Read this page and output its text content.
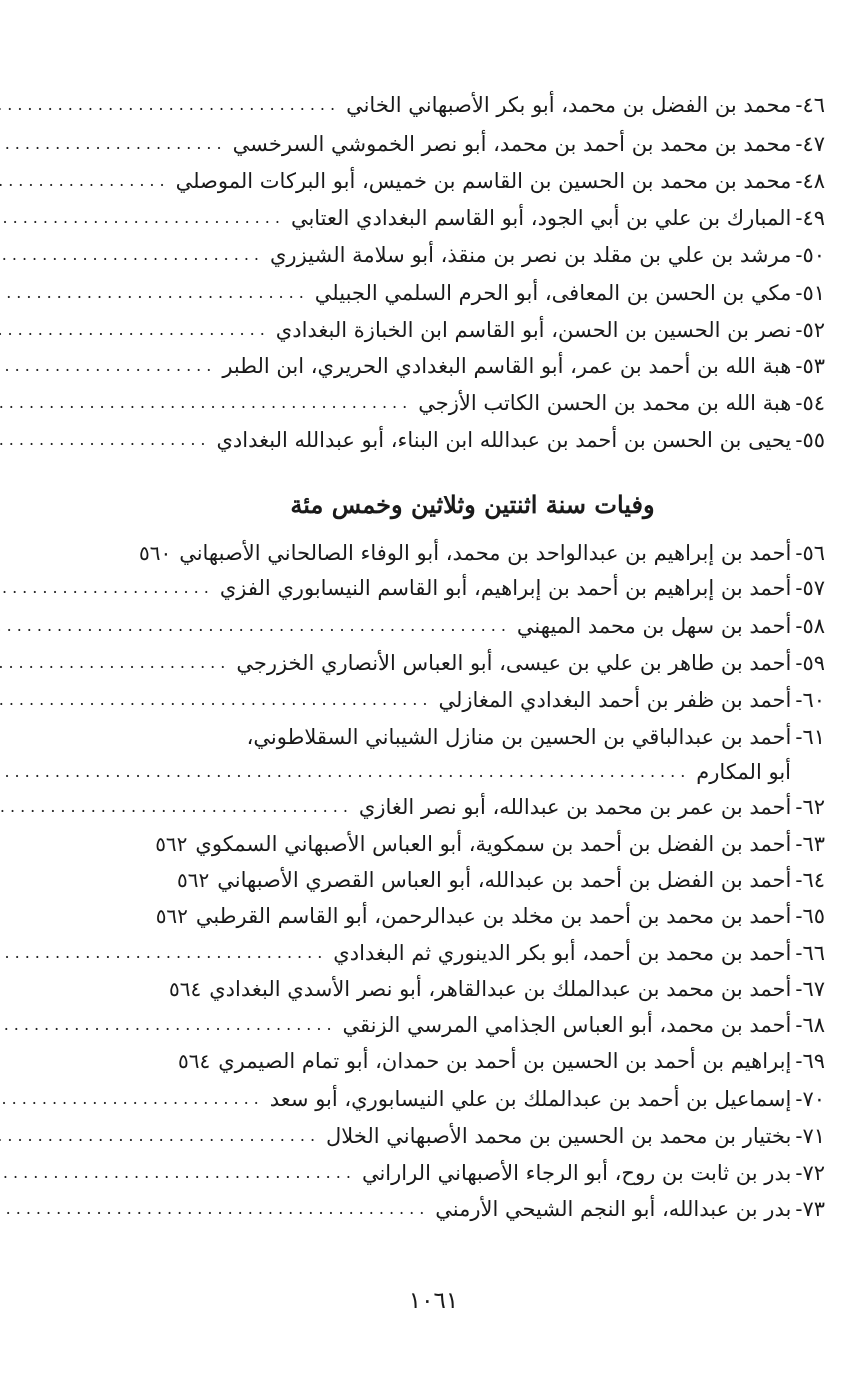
٤٦-
محمد بن الفضل بن محمد، أبو بكر الأصبهاني الخاني
.....
٤٧-
محمد بن محمد بن أحمد بن محمد، أبو نصر الخموشي السرخسي
.....
٤٨-
محمد بن محمد بن الحسين بن القاسم بن خميس، أبو البركات الموصلي
.....
٤٩-
المبارك بن علي بن أبي الجود، أبو القاسم البغدادي العتابي
.....
٥٠-
مرشد بن علي بن مقلد بن نصر بن منقذ، أبو سلامة الشيزري
.....
٥١-
مكي بن الحسن بن المعافى، أبو الحرم السلمي الجبيلي
.....
٥٢-
نصر بن الحسين بن الحسن، أبو القاسم ابن الخبازة البغدادي
.....
٥٣-
هبة الله بن أحمد بن عمر، أبو القاسم البغدادي الحريري، ابن الطبر
.....
٥٤-
هبة الله بن محمد بن الحسن الكاتب الأزجي
.....
٥٥-
يحيى بن الحسن بن أحمد بن عبدالله ابن البناء، أبو عبدالله البغدادي
.....
وفيات سنة اثنتين وثلاثين وخمس مئة
٥٦-
أحمد بن إبراهيم بن عبدالواحد بن محمد، أبو الوفاء الصالحاني الأصبهاني
٥٦٠
٥٧-
أحمد بن إبراهيم بن أحمد بن إبراهيم، أبو القاسم النيسابوري الفزي
.....
٥٨-
أحمد بن سهل بن محمد الميهني
.....
٥٩-
أحمد بن طاهر بن علي بن عيسى، أبو العباس الأنصاري الخزرجي
.....
٦٠-
أحمد بن ظفر بن أحمد البغدادي المغازلي
.....
٦١-
أحمد بن عبدالباقي بن الحسين بن منازل الشيباني السقلاطوني،
أبو المكارم
.....
٦٢-
أحمد بن عمر بن محمد بن عبدالله، أبو نصر الغازي
.....
٦٣-
أحمد بن الفضل بن أحمد بن سمكوية، أبو العباس الأصبهاني السمكوي
٥٦٢
٦٤-
أحمد بن الفضل بن أحمد بن عبدالله، أبو العباس القصري الأصبهاني
٥٦٢
٦٥-
أحمد بن محمد بن أحمد بن مخلد بن عبدالرحمن، أبو القاسم القرطبي
٥٦٢
٦٦-
أحمد بن محمد بن أحمد، أبو بكر الدينوري ثم البغدادي
.....
٦٧-
أحمد بن محمد بن عبدالملك بن عبدالقاهر، أبو نصر الأسدي البغدادي
٥٦٤
٦٨-
أحمد بن محمد، أبو العباس الجذامي المرسي الزنقي
.....
٦٩-
إبراهيم بن أحمد بن الحسين بن أحمد بن حمدان، أبو تمام الصيمري
٥٦٤
٧٠-
إسماعيل بن أحمد بن عبدالملك بن علي النيسابوري، أبو سعد
.....
٧١-
بختيار بن محمد بن الحسين بن محمد الأصبهاني الخلال
.....
٧٢-
بدر بن ثابت بن روح، أبو الرجاء الأصبهاني الراراني
.....
٧٣-
بدر بن عبدالله، أبو النجم الشيحي الأرمني
.....
١٠٦١
